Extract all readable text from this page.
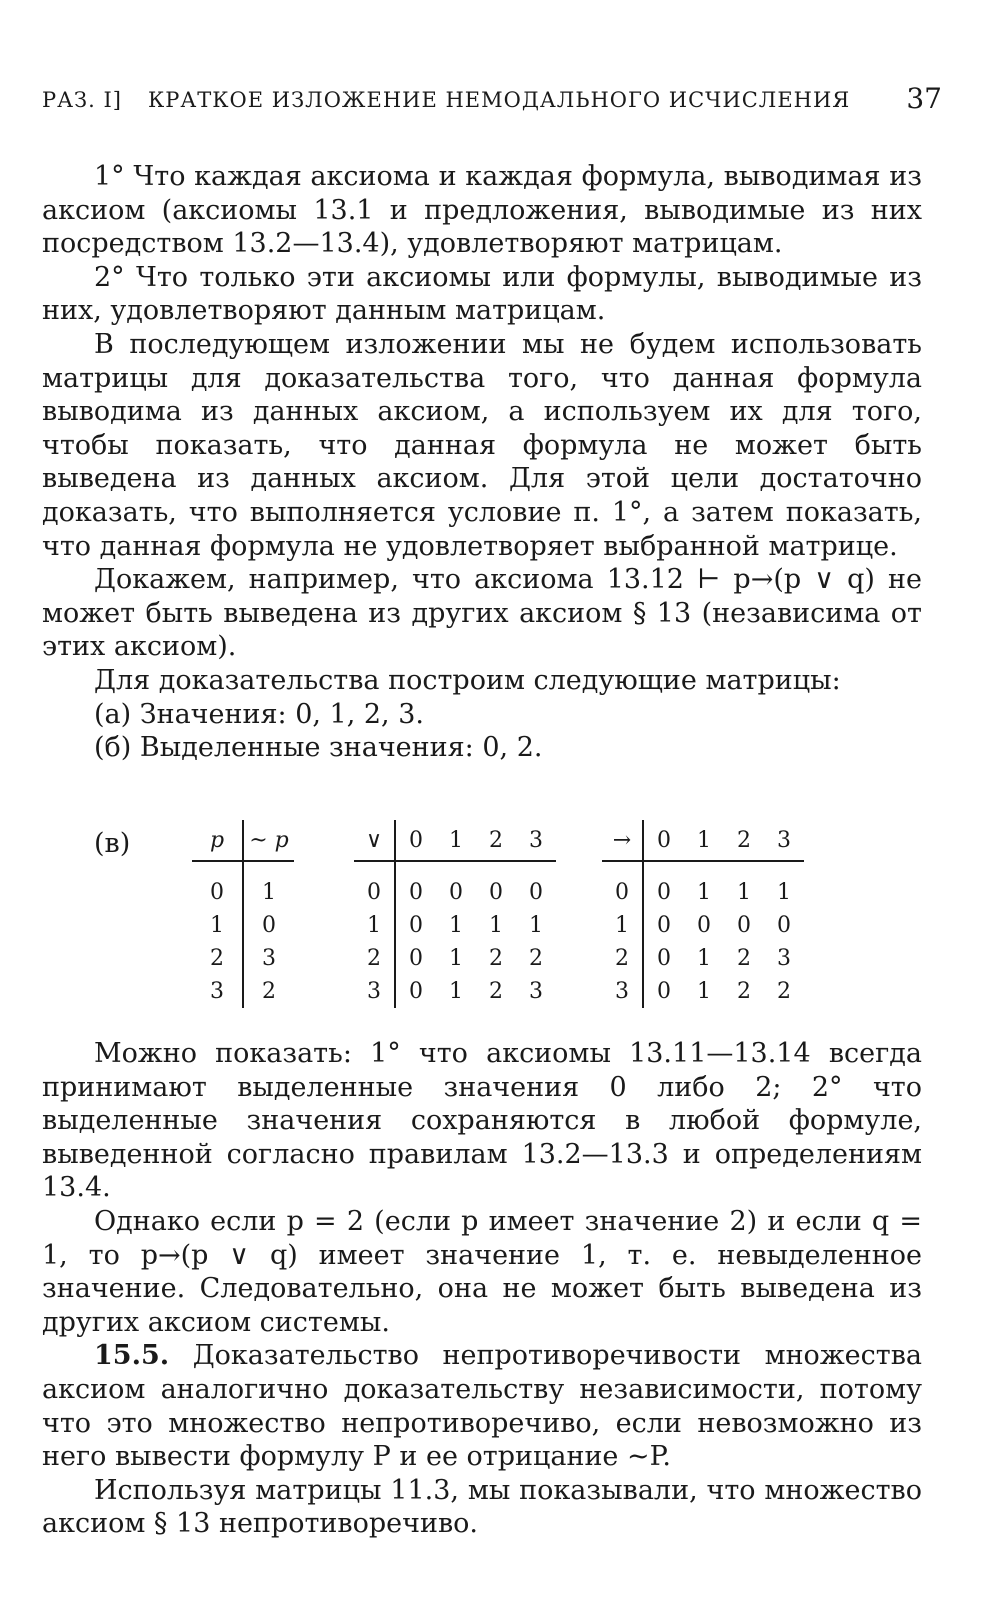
РАЗ. I] КРАТКОЕ ИЗЛОЖЕНИЕ НЕМОДАЛЬНОГО ИСЧИСЛЕНИЯ 37

1° Что каждая аксиома и каждая формула, выводимая из аксиом (аксиомы 13.1 и предложения, выводимые из них посредством 13.2—13.4), удовлетворяют матрицам.

2° Что только эти аксиомы или формулы, выводимые из них, удовлетворяют данным матрицам.

В последующем изложении мы не будем использовать матрицы для доказательства того, что данная формула выводима из данных аксиом, а используем их для того, чтобы показать, что данная формула не может быть выведена из данных аксиом. Для этой цели достаточно доказать, что выполняется условие п. 1°, а затем показать, что данная формула не удовлетворяет выбранной матрице.

Докажем, например, что аксиома 13.12 ⊢ p→(p ∨ q) не может быть выведена из других аксиом § 13 (независима от этих аксиом).

Для доказательства построим следующие матрицы:

(а) Значения: 0, 1, 2, 3.
(б) Выделенные значения: 0, 2.
(в)	p	~ p
0	1
1	0
2	3
3	2
∨	0	1	2	3
0	0	0	0	0
1	0	1	1	1
2	0	1	2	2
3	0	1	2	3
→	0	1	2	3
0	0	1	1	1
1	0	0	0	0
2	0	1	2	3
3	0	1	2	2

Можно показать: 1° что аксиомы 13.11—13.14 всегда принимают выделенные значения 0 либо 2; 2° что выделенные значения сохраняются в любой формуле, выведенной согласно правилам 13.2—13.3 и определениям 13.4.

Однако если p = 2 (если p имеет значение 2) и если q = 1, то p→(p ∨ q) имеет значение 1, т. е. невыделенное значение. Следовательно, она не может быть выведена из других аксиом системы.

15.5. Доказательство непротиворечивости множества аксиом аналогично доказательству независимости, потому что это множество непротиворечиво, если невозможно из него вывести формулу P и ее отрицание ~P.

Используя матрицы 11.3, мы показывали, что множество аксиом § 13 непротиворечиво.
